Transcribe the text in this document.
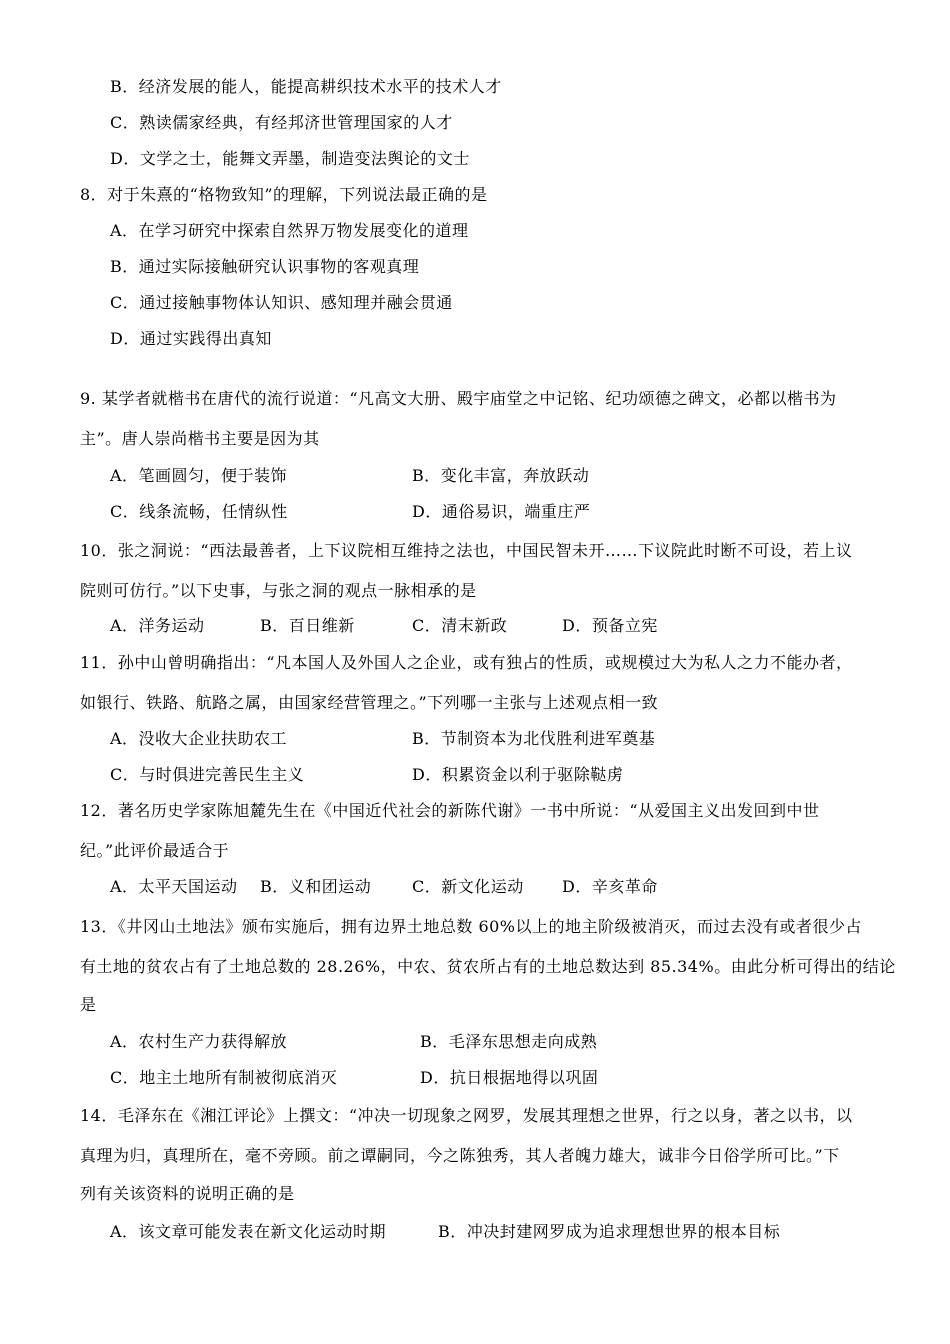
B．经济发展的能人，能提高耕织技术水平的技术人才
C．熟读儒家经典，有经邦济世管理国家的人才
D．文学之士，能舞文弄墨，制造变法舆论的文士
8．对于朱熹的“格物致知”的理解，下列说法最正确的是
A．在学习研究中探索自然界万物发展变化的道理
B．通过实际接触研究认识事物的客观真理
C．通过接触事物体认知识、感知理并融会贯通
D．通过实践得出真知
9. 某学者就楷书在唐代的流行说道：“凡高文大册、殿宇庙堂之中记铭、纪功颂德之碑文，必都以楷书为
主”。唐人崇尚楷书主要是因为其
A．笔画圆匀，便于装饰	B．变化丰富，奔放跃动
C．线条流畅，任情纵性	D．通俗易识，端重庄严
10．张之洞说：“西法最善者，上下议院相互维持之法也，中国民智未开……下议院此时断不可设，若上议
院则可仿行。”以下史事，与张之洞的观点一脉相承的是
A．洋务运动	B．百日维新	C．清末新政	D．预备立宪
11．孙中山曾明确指出：“凡本国人及外国人之企业，或有独占的性质，或规模过大为私人之力不能办者，
如银行、铁路、航路之属，由国家经营管理之。”下列哪一主张与上述观点相一致
A．没收大企业扶助农工	B．节制资本为北伐胜利进军奠基
C．与时俱进完善民生主义	D．积累资金以利于驱除鞑虏
12．著名历史学家陈旭麓先生在《中国近代社会的新陈代谢》一书中所说：“从爱国主义出发回到中世
纪。”此评价最适合于
A．太平天国运动 B．义和团运动	C．新文化运动 D．辛亥革命
13．《井冈山土地法》颁布实施后，拥有边界土地总数 60%以上的地主阶级被消灭，而过去没有或者很少占
有土地的贫农占有了土地总数的 28.26%，中农、贫农所占有的土地总数达到 85.34%。由此分析可得出的结论
是
A．农村生产力获得解放	B．毛泽东思想走向成熟
C．地主土地所有制被彻底消灭	D．抗日根据地得以巩固
14．毛泽东在《湘江评论》上撰文：“冲决一切现象之网罗，发展其理想之世界，行之以身，著之以书，以
真理为归，真理所在，毫不旁顾。前之谭嗣同，今之陈独秀，其人者魄力雄大，诚非今日俗学所可比。”下
列有关该资料的说明正确的是
A．该文章可能发表在新文化运动时期	B．冲决封建网罗成为追求理想世界的根本目标
